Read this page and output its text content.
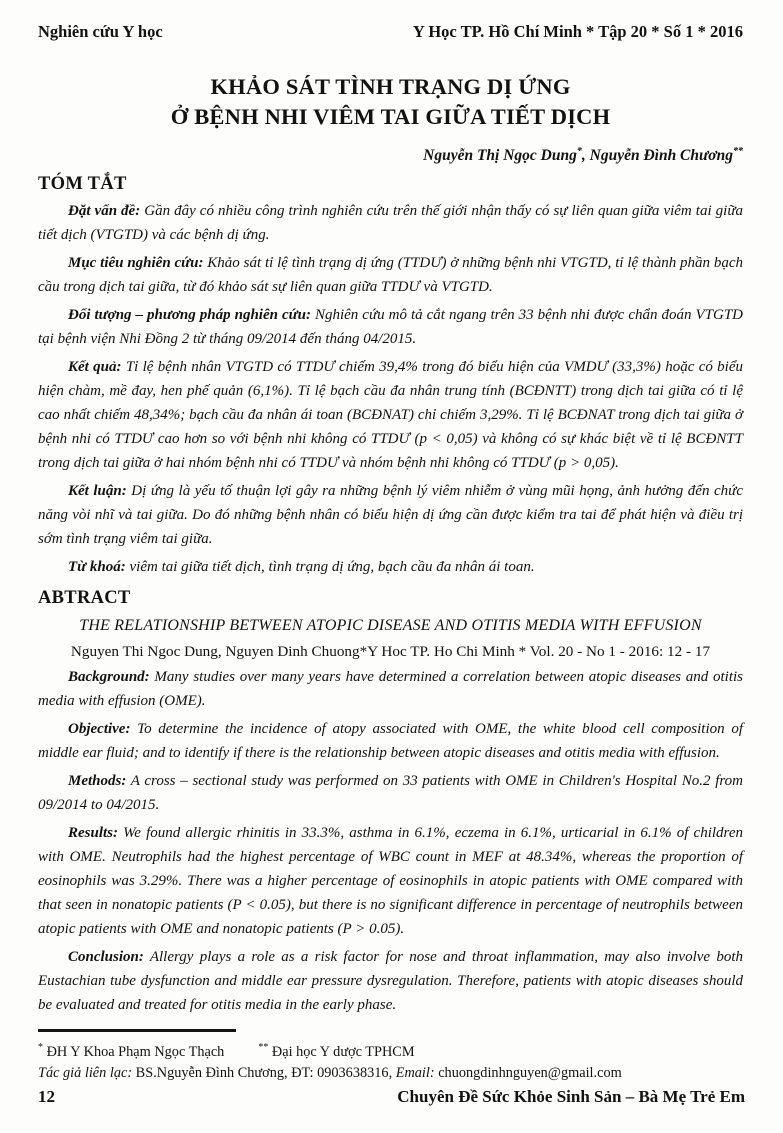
Nghiên cứu Y học	Y Học TP. Hồ Chí Minh * Tập 20 * Số 1 * 2016
KHẢO SÁT TÌNH TRẠNG DỊ ỨNG
Ở BỆNH NHI VIÊM TAI GIỮA TIẾT DỊCH
Nguyễn Thị Ngọc Dung*, Nguyễn Đình Chương**
TÓM TẮT

Đặt vấn đề: Gần đây có nhiều công trình nghiên cứu trên thế giới nhận thấy có sự liên quan giữa viêm tai giữa tiết dịch (VTGTD) và các bệnh dị ứng.

Mục tiêu nghiên cứu: Khảo sát tỉ lệ tình trạng dị ứng (TTDƯ) ở những bệnh nhi VTGTD, tỉ lệ thành phần bạch cầu trong dịch tai giữa, từ đó khảo sát sự liên quan giữa TTDƯ và VTGTD.

Đối tượng – phương pháp nghiên cứu: Nghiên cứu mô tả cắt ngang trên 33 bệnh nhi được chẩn đoán VTGTD tại bệnh viện Nhi Đồng 2 từ tháng 09/2014 đến tháng 04/2015.

Kết quả: Tỉ lệ bệnh nhân VTGTD có TTDƯ chiếm 39,4% trong đó biểu hiện của VMDƯ (33,3%) hoặc có biểu hiện chàm, mề đay, hen phế quản (6,1%). Tỉ lệ bạch cầu đa nhân trung tính (BCĐNTT) trong dịch tai giữa có tỉ lệ cao nhất chiếm 48,34%; bạch cầu đa nhân ái toan (BCĐNAT) chỉ chiếm 3,29%. Tỉ lệ BCĐNAT trong dịch tai giữa ở bệnh nhi có TTDƯ cao hơn so với bệnh nhi không có TTDƯ (p < 0,05) và không có sự khác biệt về tỉ lệ BCĐNTT trong dịch tai giữa ở hai nhóm bệnh nhi có TTDƯ và nhóm bệnh nhi không có TTDƯ (p > 0,05).

Kết luận: Dị ứng là yếu tố thuận lợi gây ra những bệnh lý viêm nhiễm ở vùng mũi họng, ảnh hưởng đến chức năng vòi nhĩ và tai giữa. Do đó những bệnh nhân có biểu hiện dị ứng cần được kiểm tra tai để phát hiện và điều trị sớm tình trạng viêm tai giữa.

Từ khoá: viêm tai giữa tiết dịch, tình trạng dị ứng, bạch cầu đa nhân ái toan.

ABTRACT
THE RELATIONSHIP BETWEEN ATOPIC DISEASE AND OTITIS MEDIA WITH EFFUSION
Nguyen Thi Ngoc Dung, Nguyen Dinh Chuong*Y Hoc TP. Ho Chi Minh * Vol. 20 - No 1 - 2016: 12 - 17

Background: Many studies over many years have determined a correlation between atopic diseases and otitis media with effusion (OME).

Objective: To determine the incidence of atopy associated with OME, the white blood cell composition of middle ear fluid; and to identify if there is the relationship between atopic diseases and otitis media with effusion.

Methods: A cross – sectional study was performed on 33 patients with OME in Children's Hospital No.2 from 09/2014 to 04/2015.

Results: We found allergic rhinitis in 33.3%, asthma in 6.1%, eczema in 6.1%, urticarial in 6.1% of children with OME. Neutrophils had the highest percentage of WBC count in MEF at 48.34%, whereas the proportion of eosinophils was 3.29%. There was a higher percentage of eosinophils in atopic patients with OME compared with that seen in nonatopic patients (P < 0.05), but there is no significant difference in percentage of neutrophils between atopic patients with OME and nonatopic patients (P > 0.05).

Conclusion: Allergy plays a role as a risk factor for nose and throat inflammation, may also involve both Eustachian tube dysfunction and middle ear pressure dysregulation. Therefore, patients with atopic diseases should be evaluated and treated for otitis media in the early phase.

* ĐH Y Khoa Phạm Ngọc Thạch	** Đại học Y dược TPHCM
Tác giả liên lạc: BS.Nguyễn Đình Chương, ĐT: 0903638316, Email: chuongdinhnguyen@gmail.com
12	Chuyên Đề Sức Khỏe Sinh Sản – Bà Mẹ Trẻ Em
